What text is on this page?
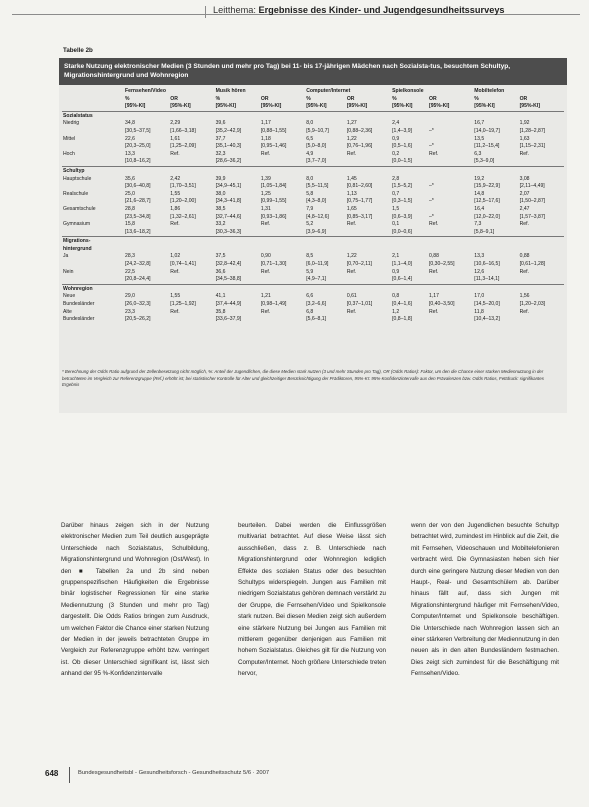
Leitthema: Ergebnisse des Kinder- und Jugendgesundheitssurveys
Tabelle 2b
Starke Nutzung elektronischer Medien (3 Stunden und mehr pro Tag) bei 11- bis 17-jährigen Mädchen nach Sozialsta-tus, besuchtem Schultyp, Migrationshintergrund und Wohnregion
	Fernsehen/Video		Musik hören		Computer/Internet		Spielkonsole		Mobiltelefon	
	%	OR	%	OR	%	OR	%	OR	%	OR
	[95%-KI]	[95%-KI]	[95%-KI]	[95%-KI]	[95%-KI]	[95%-KI]	[95%-KI]	[95%-KI]	[95%-KI]	[95%-KI]
Sozialstatus										
Niedrig	34,8	2,29	39,6	1,17	8,0	1,27	2,4		16,7	1,92
	[30,5–37,5]	[1,66–3,18]	[35,2–42,9]	[0,88–1,55]	[5,9–10,7]	[0,88–2,36]	[1,4–3,9]	–*	[14,0–19,7]	[1,28–2,87]
Mittel	22,6	1,61	37,7	1,18	6,5	1,22	0,9		13,5	1,63
	[20,3–25,0]	[1,25–2,09]	[35,1–40,3]	[0,95–1,46]	[5,0–8,0]	[0,76–1,96]	[0,5–1,6]	–*	[11,2–15,4]	[1,15–2,31]
Hoch	13,3	Ref.	32,3	Ref.	4,9	Ref.	0,2	Ref.	6,3	Ref.
	[10,8–16,2]		[28,6–36,2]		[3,7–7,0]		[0,0–1,5]		[5,3–9,0]	
Schultyp										
Hauptschule	35,6	2,42	39,9	1,39	8,0	1,45	2,8		19,2	3,08
	[30,6–40,8]	[1,70–3,51]	[34,9–45,1]	[1,05–1,84]	[5,5–11,5]	[0,81–2,60]	[1,5–5,2]	–*	[15,9–22,9]	[2,11–4,49]
Realschule	25,0	1,55	38,0	1,25	5,8	1,13	0,7		14,8	2,07
	[21,6–28,7]	[1,20–2,00]	[34,3–41,8]	[0,99–1,55]	[4,3–8,0]	[0,75–1,77]	[0,3–1,5]	–*	[12,5–17,6]	[1,50–2,87]
Gesamtschule	28,8	1,86	38,5	1,31	7,9	1,65	1,5		16,4	2,47
	[23,5–34,8]	[1,32–2,61]	[32,7–44,6]	[0,93–1,86]	[4,8–12,6]	[0,85–3,17]	[0,6–3,9]	–*	[12,0–22,0]	[1,57–3,87]
Gymnasium	15,8	Ref.	33,2	Ref.	5,2	Ref.	0,1	Ref.	7,3	Ref.
	[13,6–18,2]		[30,3–36,3]		[3,9–6,9]		[0,0–0,6]		[5,8–9,1]	
Migrations-
hintergrund										
Ja	28,3	1,02	37,5	0,90	8,5	1,22	2,1	0,88	13,3	0,88
	[24,2–32,8]	[0,74–1,41]	[32,8–42,4]	[0,71–1,30]	[6,0–11,9]	[0,70–2,11]	[1,1–4,0]	[0,30–2,55]	[10,6–16,5]	[0,61–1,28]
Nein	22,5	Ref.	36,6	Ref.	5,9	Ref.	0,9	Ref.	12,6	Ref.
	[20,8–24,4]		[34,5–38,8]		[4,9–7,1]		[0,6–1,4]		[11,3–14,1]	
Wohnregion										
Neue	29,0	1,55	41,1	1,21	6,6	0,61	0,8	1,17	17,0	1,56
Bundesländer	[26,0–32,3]	[1,25–1,92]	[37,4–44,9]	[0,98–1,49]	[3,2–6,6]	[0,37–1,01]	[0,4–1,6]	[0,40–3,50]	[14,5–20,0]	[1,20–2,03]
Alte	23,3	Ref.	35,8	Ref.	6,8	Ref.	1,2	Ref.	11,8	Ref.
Bundesländer	[20,5–26,2]		[33,6–37,9]		[5,6–8,1]		[0,8–1,8]		[10,4–13,2]	
* Berechnung der Odds Ratio aufgrund der Zellenbesetzung nicht möglich, %: Anteil der Jugendlichen, die diese Medien stark nutzen (3 und mehr Stunden pro Tag), OR (Odds Ratios): Faktor, um den die Chance einer starken Mediennutzung in der betrachteten im Vergleich zur Referenzgruppe (Ref.) erhöht ist; bei statistischer Kontrolle für Alter und gleichzeitiger Berücksichtigung der Prädiktoren, 95%-KI: 95%-Konfidenzintervalle aus den Prävalenzen bzw. Odds Ratios, Fettdruck: signifikantes Ergebnis
Darüber hinaus zeigen sich in der Nutzung elektronischer Medien zum Teil deutlich ausgeprägte Unterschiede nach Sozialstatus, Schulbildung, Migrationshintergrund und Wohnregion (Ost/West). In den ■ Tabellen 2a und 2b sind neben gruppenspezifischen Häufigkeiten die Ergebnisse binär logistischer Regressionen für eine starke Mediennutzung (3 Stunden und mehr pro Tag) dargestellt. Die Odds Ratios bringen zum Ausdruck, um welchen Faktor die Chance einer starken Nutzung der Medien in der jeweils betrachteten Gruppe im Vergleich zur Referenzgruppe erhöht bzw. verringert ist. Ob dieser Unterschied signifikant ist, lässt sich anhand der 95 %-Konfidenzintervalle
beurteilen. Dabei werden die Einflussgrößen multivariat betrachtet. Auf diese Weise lässt sich ausschließen, dass z. B. Unterschiede nach Migrationshintergrund oder Wohnregion lediglich Effekte des sozialen Status oder des besuchten Schultyps widerspiegeln. Jungen aus Familien mit niedrigem Sozialstatus gehören demnach verstärkt zu der Gruppe, die Fernsehen/Video und Spielkonsole stark nutzen. Bei diesen Medien zeigt sich außerdem eine stärkere Nutzung bei Jungen aus Familien mit mittlerem gegenüber denjenigen aus Familien mit hohem Sozialstatus. Gleiches gilt für die Nutzung von Computer/Internet. Noch größere Unterschiede treten hervor,
wenn der von den Jugendlichen besuchte Schultyp betrachtet wird, zumindest im Hinblick auf die Zeit, die mit Fernsehen, Videoschauen und Mobiltelefonieren verbracht wird. Die Gymnasiasten heben sich hier durch eine geringere Nutzung dieser Medien von den Haupt-, Real- und Gesamtschülern ab. Darüber hinaus fällt auf, dass sich Jungen mit Migrationshintergrund häufiger mit Fernsehen/Video, Computer/Internet und Spielkonsole beschäftigen. Die Unterschiede nach Wohnregion lassen sich an einer stärkeren Verbreitung der Mediennutzung in den neuen als in den alten Bundesländern festmachen. Dies zeigt sich zumindest für die Beschäftigung mit Fernsehen/Video.
648	Bundesgesundheitsbl - Gesundheitsforsch - Gesundheitsschutz 5/6 · 2007
